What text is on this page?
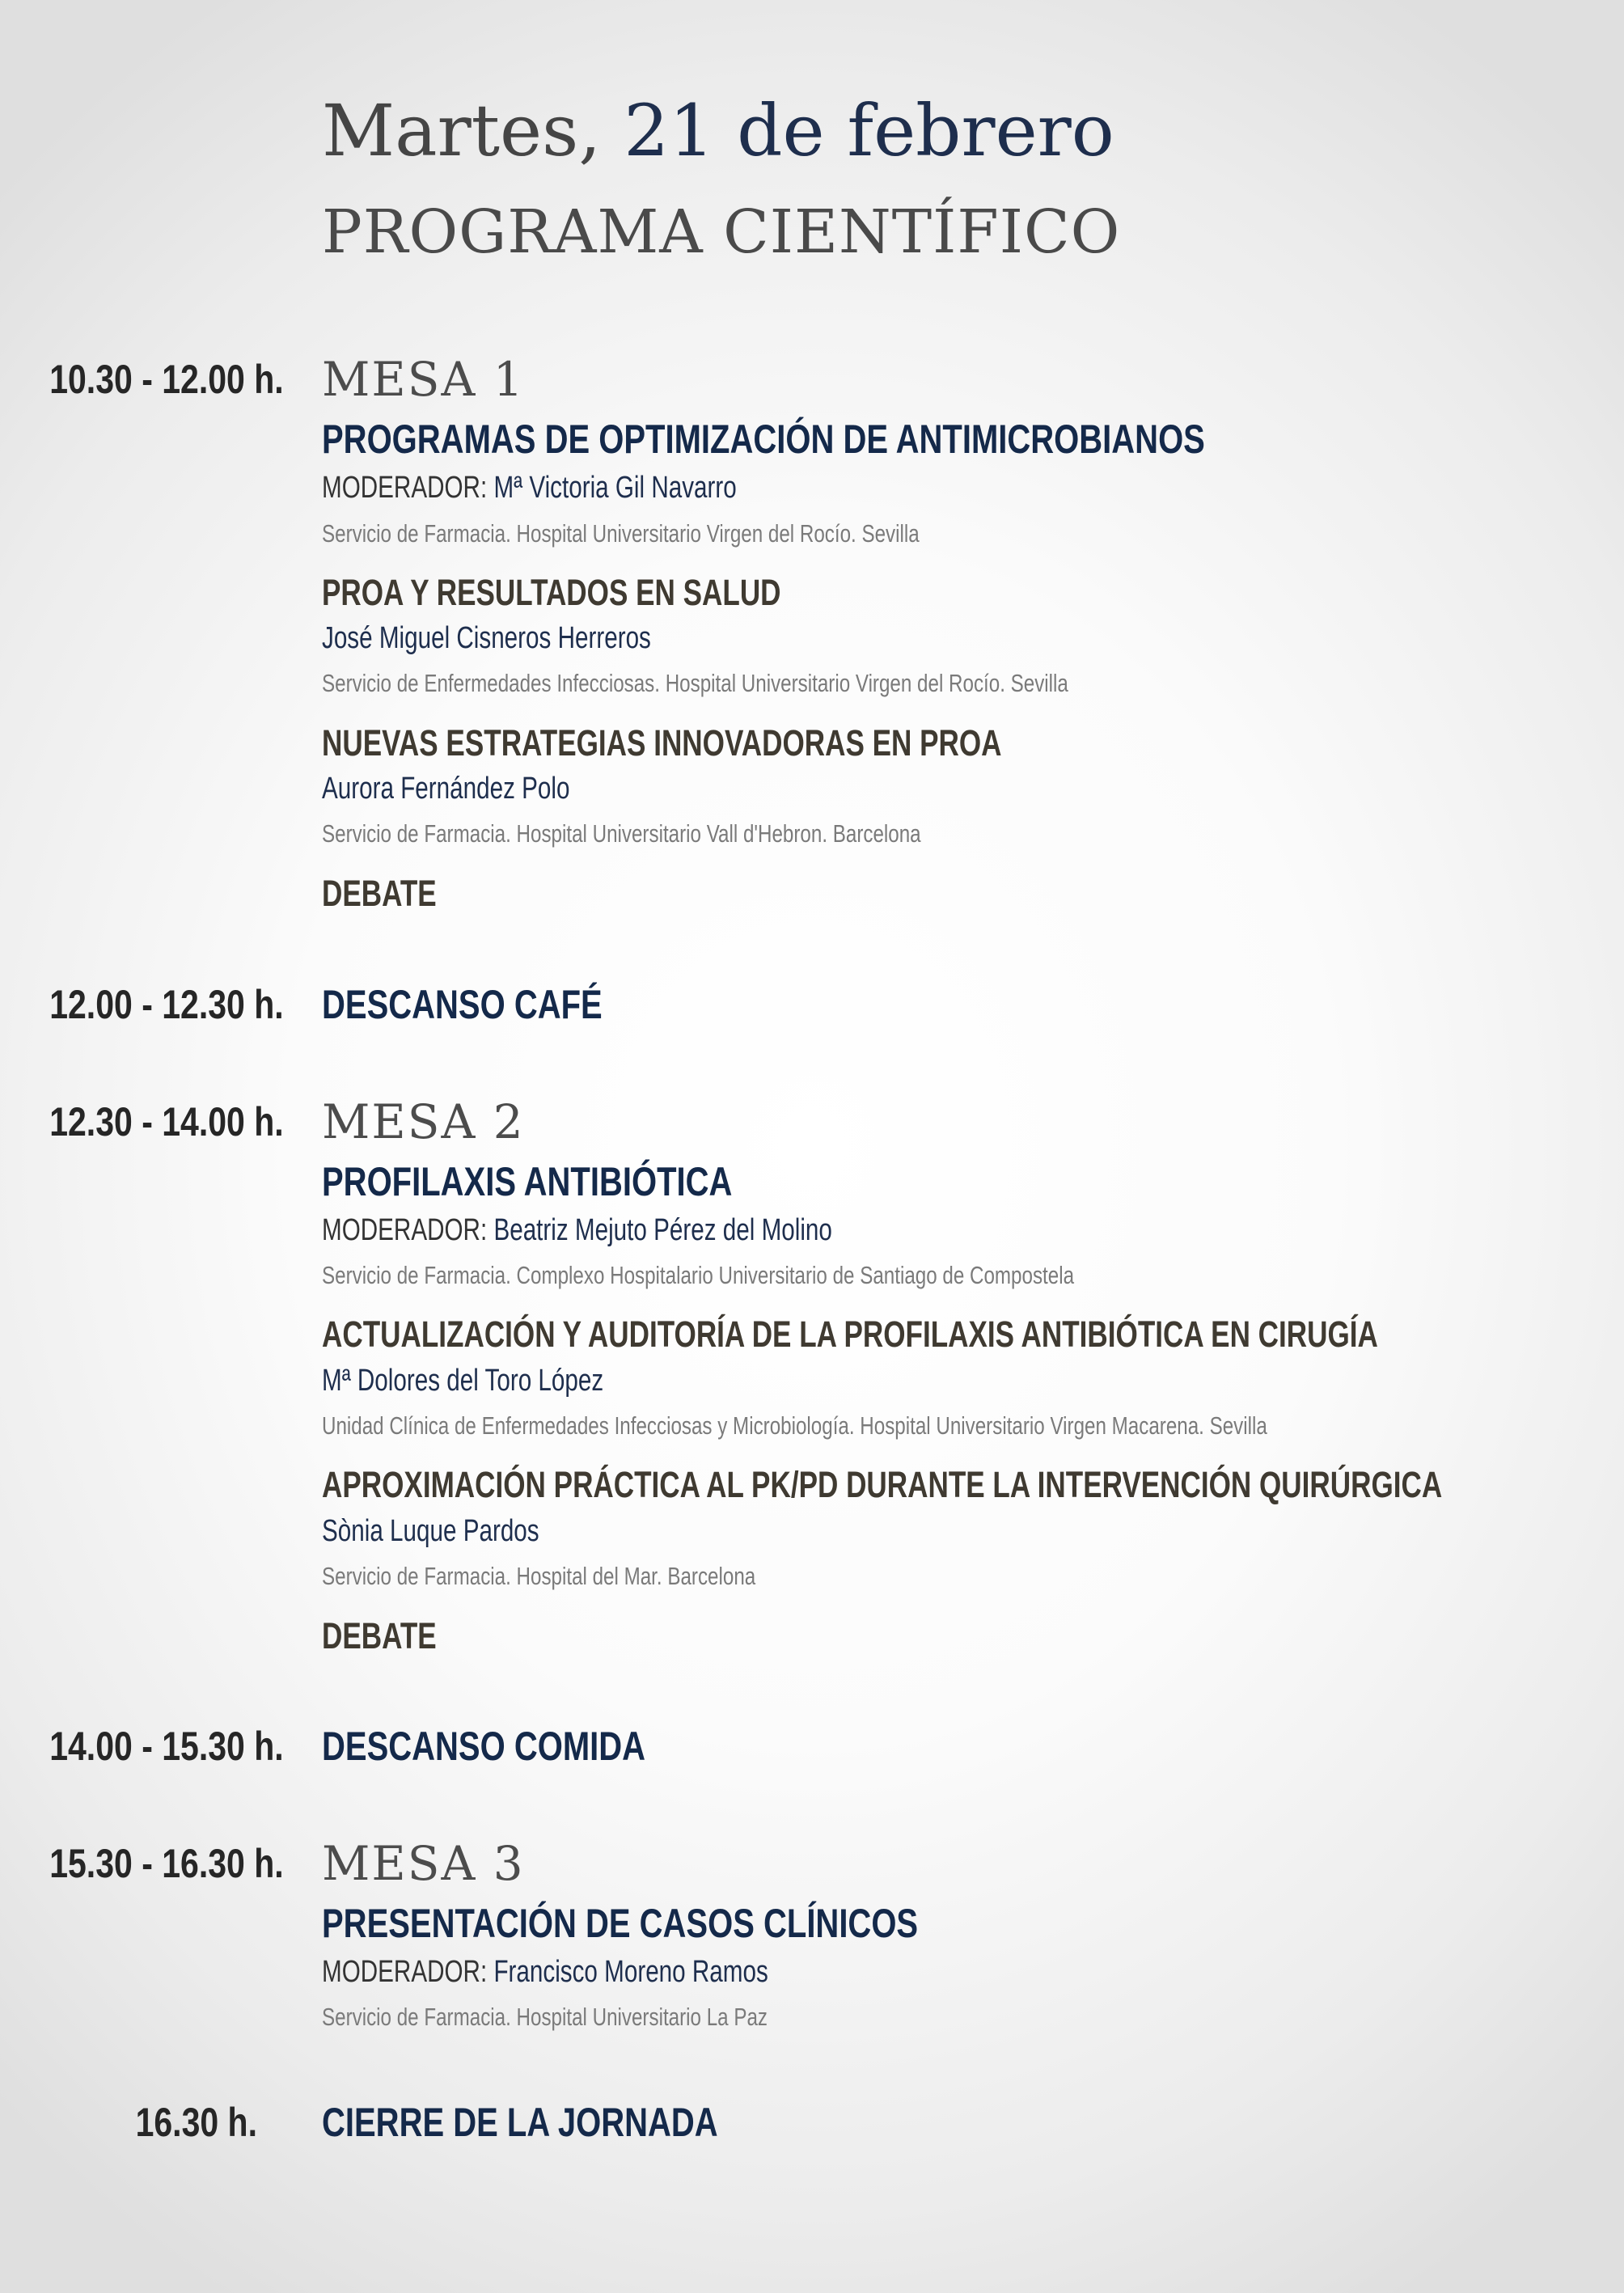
Martes, 21 de febrero
PROGRAMA CIENTÍFICO
10.30 - 12.00 h. MESA 1
PROGRAMAS DE OPTIMIZACIÓN DE ANTIMICROBIANOS
MODERADOR: Mª Victoria Gil Navarro
Servicio de Farmacia. Hospital Universitario Virgen del Rocío. Sevilla
PROA Y RESULTADOS EN SALUD
José Miguel Cisneros Herreros
Servicio de Enfermedades Infecciosas. Hospital Universitario Virgen del Rocío. Sevilla
NUEVAS ESTRATEGIAS INNOVADORAS EN PROA
Aurora Fernández Polo
Servicio de Farmacia. Hospital Universitario Vall d'Hebron. Barcelona
DEBATE
12.00 - 12.30 h. DESCANSO CAFÉ
12.30 - 14.00 h. MESA 2
PROFILAXIS ANTIBIÓTICA
MODERADOR: Beatriz Mejuto Pérez del Molino
Servicio de Farmacia. Complexo Hospitalario Universitario de Santiago de Compostela
ACTUALIZACIÓN Y AUDITORÍA DE LA PROFILAXIS ANTIBIÓTICA EN CIRUGÍA
Mª Dolores del Toro López
Unidad Clínica de Enfermedades Infecciosas y Microbiología. Hospital Universitario Virgen Macarena. Sevilla
APROXIMACIÓN PRÁCTICA AL PK/PD DURANTE LA INTERVENCIÓN QUIRÚRGICA
Sònia Luque Pardos
Servicio de Farmacia. Hospital del Mar. Barcelona
DEBATE
14.00 - 15.30 h. DESCANSO COMIDA
15.30 - 16.30 h. MESA 3
PRESENTACIÓN DE CASOS CLÍNICOS
MODERADOR: Francisco Moreno Ramos
Servicio de Farmacia. Hospital Universitario La Paz
16.30 h. CIERRE DE LA JORNADA
